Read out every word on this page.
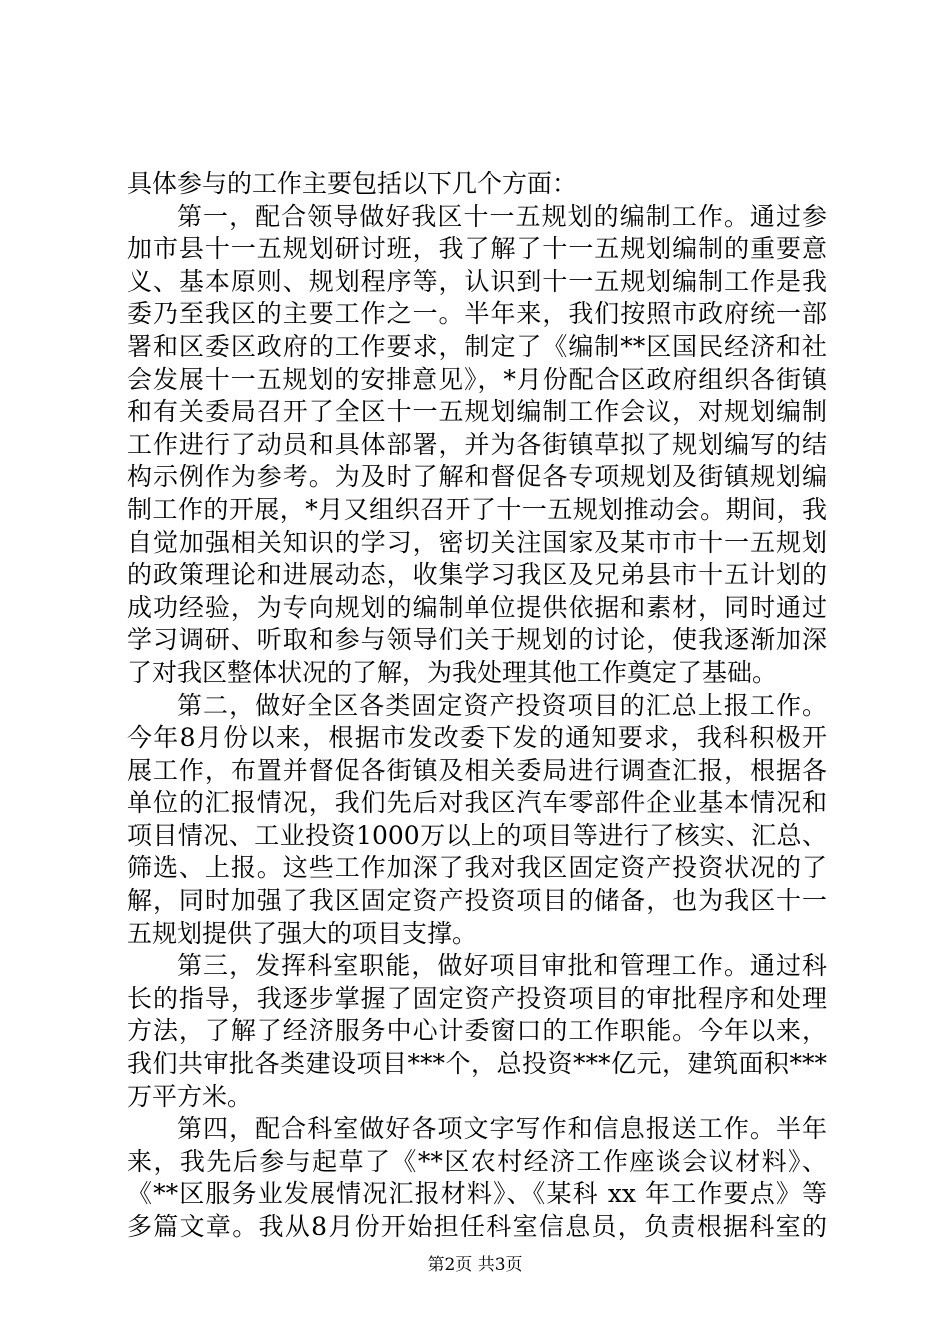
具体参与的工作主要包括以下几个方面：
第一，配合领导做好我区十一五规划的编制工作。通过参
加市县十一五规划研讨班，我了解了十一五规划编制的重要意
义、基本原则、规划程序等，认识到十一五规划编制工作是我
委乃至我区的主要工作之一。半年来，我们按照市政府统一部
署和区委区政府的工作要求，制定了《编制**区国民经济和社
会发展十一五规划的安排意见》，*月份配合区政府组织各街镇
和有关委局召开了全区十一五规划编制工作会议，对规划编制
工作进行了动员和具体部署，并为各街镇草拟了规划编写的结
构示例作为参考。为及时了解和督促各专项规划及街镇规划编
制工作的开展，*月又组织召开了十一五规划推动会。期间，我
自觉加强相关知识的学习，密切关注国家及某市市十一五规划
的政策理论和进展动态，收集学习我区及兄弟县市十五计划的
成功经验，为专向规划的编制单位提供依据和素材，同时通过
学习调研、听取和参与领导们关于规划的讨论，使我逐渐加深
了对我区整体状况的了解，为我处理其他工作奠定了基础。
第二，做好全区各类固定资产投资项目的汇总上报工作。
今年8月份以来，根据市发改委下发的通知要求，我科积极开
展工作，布置并督促各街镇及相关委局进行调查汇报，根据各
单位的汇报情况，我们先后对我区汽车零部件企业基本情况和
项目情况、工业投资1000万以上的项目等进行了核实、汇总、
筛选、上报。这些工作加深了我对我区固定资产投资状况的了
解，同时加强了我区固定资产投资项目的储备，也为我区十一
五规划提供了强大的项目支撑。
第三，发挥科室职能，做好项目审批和管理工作。通过科
长的指导，我逐步掌握了固定资产投资项目的审批程序和处理
方法，了解了经济服务中心计委窗口的工作职能。今年以来，
我们共审批各类建设项目***个，总投资***亿元，建筑面积***
万平方米。
第四，配合科室做好各项文字写作和信息报送工作。半年
来，我先后参与起草了《**区农村经济工作座谈会议材料》、
《**区服务业发展情况汇报材料》、《某科 xx 年工作要点》等
多篇文章。我从8月份开始担任科室信息员，负责根据科室的
第2页 共3页
